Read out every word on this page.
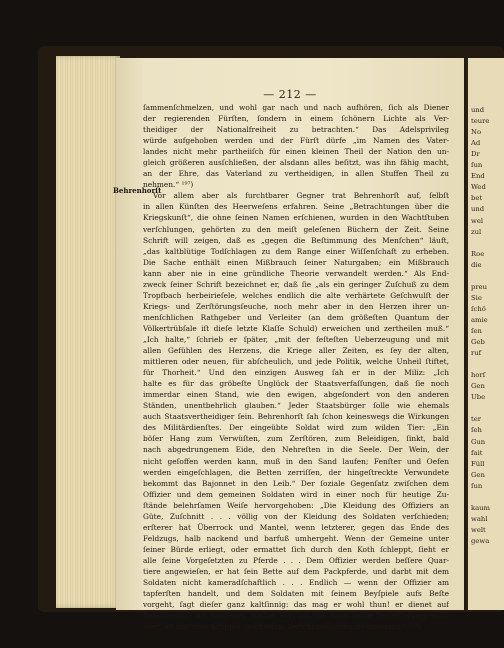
— 212 —
Behrenhorſt
ſammenſchmelzen, und wohl gar nach und nach aufhören, ſich als Diener
der regierenden Fürſten, ſondern in einem ſchönern Lichte als Ver-
theidiger der Nationalfreiheit zu betrachten.“ Das Adelsprivileg
würde aufgehoben werden und der Fürſt dürfe „im Namen des Vater-
landes nicht mehr partheiiſch für einen kleinen Theil der Nation den un-
gleich größeren ausſchließen, der alsdann alles beſitzt, was ihn fähig macht,
an der Ehre, das Vaterland zu vertheidigen, in allen Stuffen Theil zu
nehmen.“ ¹⁹⁷)
Vor allem aber als furchtbarer Gegner trat Behrenhorſt auf, ſelbſt
in allen Künſten des Heerweſens erfahren. Seine „Betrachtungen über die
Kriegskunſt“, die ohne ſeinen Namen erſchienen, wurden in den Wachtſtuben
verſchlungen, gehörten zu den meiſt geleſenen Büchern der Zeit. Seine
Schrift will zeigen, daß es „gegen die Beſtimmung des Menſchen“ läuft,
„das kaltblütige Todſchlagen zu dem Range einer Wiſſenſchaft zu erheben.
Die Sache enthält einen Mißbrauch ſeiner Naturgaben; ein Mißbrauch
kann aber nie in eine gründliche Theorie verwandelt werden.“ Als End-
zweck ſeiner Schrift bezeichnet er, daß ſie „als ein geringer Zuſchuß zu dem
Tropfbach herbeirieſele, welches endlich die alte verhärtete Geſchwulſt der
Kriegs- und Zerſtörungsſeuche, noch mehr aber in den Herzen ihrer un-
menſchlichen Rathgeber und Verleiter (an dem größeſten Quantum der
Völkertrübſale iſt dieſe letzte Klaſſe Schuld) erweichen und zertheilen muß.“
„Ich halte,“ ſchrieb er ſpäter, „mit der feſteſten Ueberzeugung und mit
allen Gefühlen des Herzens, die Kriege aller Zeiten, es ſey der alten,
mittleren oder neuen, für abſcheulich, und jede Politik, welche Unheil ſtiftet,
für Thorheit.“ Und den einzigen Ausweg ſah er in der Miliz: „Ich
halte es für das gröbeſte Unglück der Staatsverfaſſungen, daß ſie noch
immerdar einen Stand, wie den ewigen, abgeſondert von den anderen
Ständen, unentbehrlich glauben.“ Jeder Staatsbürger ſolle wie ehemals
auch Staatsvertheidiger ſein. Behrenhorſt ſah ſchon keineswegs die Wirkungen
des Militärdienſtes. Der eingeübte Soldat wird zum wilden Tier: „Ein
böſer Hang zum Verwüſten, zum Zerſtören, zum Beleidigen, ſinkt, bald
nach abgedrungenem Eide, den Nehreſten in die Seele. Der Wein, der
nicht geſoffen werden kann, muß in den Sand laufen; Fenſter und Oefen
werden eingeſchlagen, die Betten zerriſſen, der hingeſtreckte Verwundete
bekommt das Bajonnet in den Leib.“ Der ſoziale Gegenſatz zwiſchen dem
Offizier und dem gemeinen Soldaten wird in einer noch für heutige Zu-
ſtände belehrſamen Weiſe hervorgehoben: „Die Kleidung des Offiziers an
Güte, Zuſchnitt . . . völlig von der Kleidung des Soldaten verſchieden;
erſterer hat Überrock und Mantel, wenn letzterer, gegen das Ende des
Feldzugs, halb nackend und barfuß umhergeht. Wenn der Gemeine unter
ſeiner Bürde erliegt, oder ermattet ſich durch den Koth ſchleppt, ſieht er
alle ſeine Vorgeſetzten zu Pferde . . . Dem Offizier werden beſſere Quar-
tiere angewieſen, er hat ſein Bette auf dem Packpferde, und darbt mit dem
Soldaten nicht kameradſchaftlich . . . Endlich — wenn der Offizier am
tapferſten handelt, und dem Soldaten mit ſeinem Beyſpiele aufs Beſte
vorgeht, ſagt dieſer ganz kaltſinnig: das mag er wohl thun! er dienet auf
Beförderung, ich hingegen, bleibe, was ich bin, habe keine Verbeſſerung, wohl
aber, alt und zum Krüppel geſchoſſen, Verſchlimmerung zu erwarten.“ ¹⁹⁸)
und
teure
No
Ad
Dr
ſun
End
Wed
bet
und
wel
zul
Roe
die
preu
Sie
ſchö
amie
ſen
Geb
ruf
horſ
Gen
Ube
ter
ſeh
Gun
fait
Füll
Gen
ſun
kaum
wahl
welt
gewa
